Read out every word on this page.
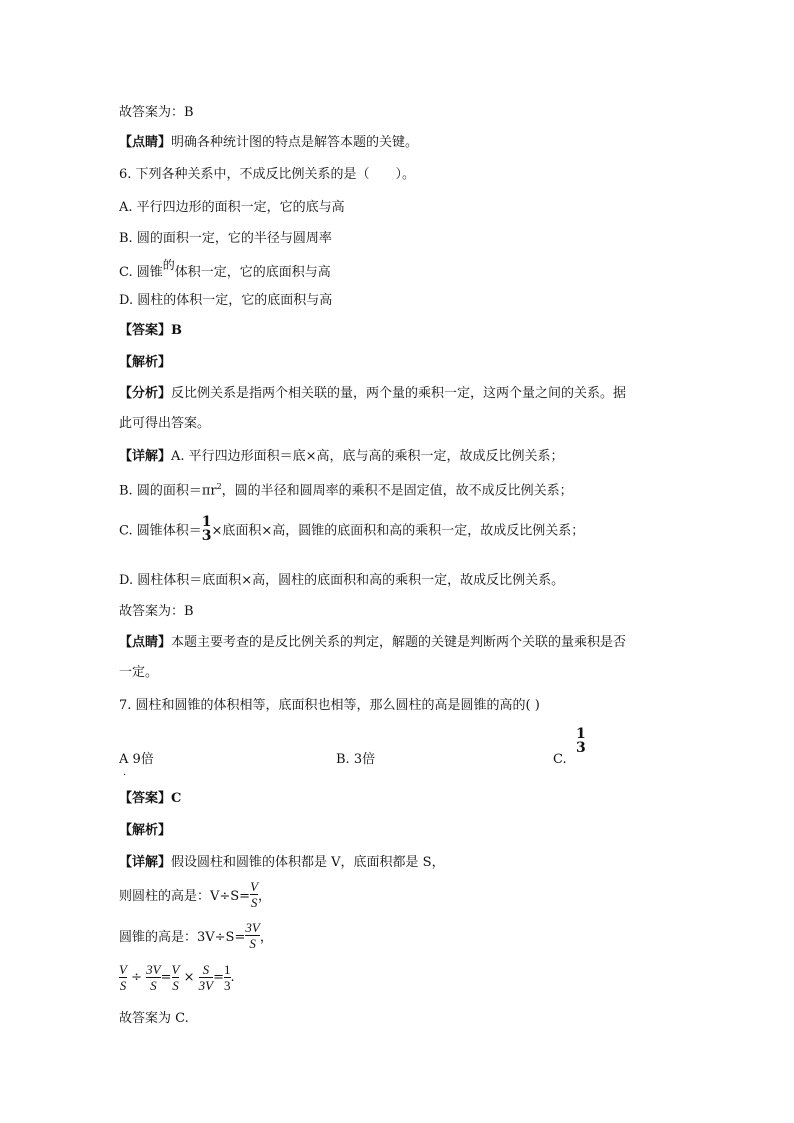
故答案为：B
【点睛】明确各种统计图的特点是解答本题的关键。
6. 下列各种关系中，不成反比例关系的是（　　）。
A. 平行四边形的面积一定，它的底与高
B. 圆的面积一定，它的半径与圆周率
C. 圆锥的体积一定，它的底面积与高
D. 圆柱的体积一定，它的底面积与高
【答案】B
【解析】
【分析】反比例关系是指两个相关联的量，两个量的乘积一定，这两个量之间的关系。据
此可得出答案。
【详解】A. 平行四边形面积＝底×高，底与高的乘积一定，故成反比例关系；
B. 圆的面积$=\pi r^2$，圆的半径和圆周率的乘积不是固定值，故不成反比例关系；
C. 圆锥体积＝
1
3 ×底面积×高，圆锥的底面积和高的乘积一定，故成反比例关系；
D. 圆柱体积＝底面积×高，圆柱的底面积和高的乘积一定，故成反比例关系。
故答案为：B
【点睛】本题主要考查的是反比例关系的判定，解题的关键是判断两个关联的量乘积是否
一定。
7. 圆柱和圆锥的体积相等，底面积也相等，那么圆柱的高是圆锥的高的( )
A 9倍
．
B. 3倍	C.
1
3
【答案】C
【解析】
【详解】假设圆柱和圆锥的体积都是 V，底面积都是 S，
则圆柱的高是：$V\div S= \frac{V}{S}$ ，
圆锥的高是：$3V\div S= \frac{3V}{S}$ ，
$\frac{V}{S} \div \frac{3V}{S} = \frac{V}{S} \times \frac{S}{3V} = \frac{1}{3}$ .
故答案为 C.
